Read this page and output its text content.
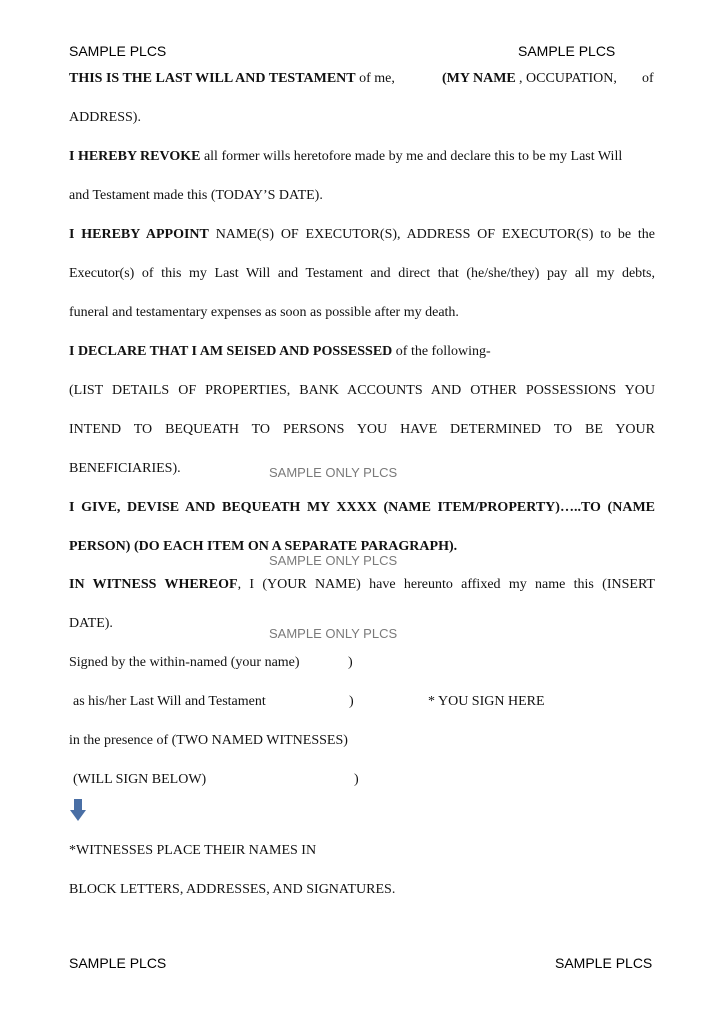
SAMPLE PLCS	SAMPLE PLCS
THIS IS THE LAST WILL AND TESTAMENT of me,	(MY NAME , OCCUPATION, of
ADDRESS).
I HEREBY REVOKE all former wills heretofore made by me and declare this to be my Last Will
and Testament made this (TODAY’S DATE).
I HEREBY APPOINT NAME(S) OF EXECUTOR(S), ADDRESS OF EXECUTOR(S) to be the
Executor(s) of this my Last Will and Testament and direct that (he/she/they) pay all my debts,
funeral and testamentary expenses as soon as possible after my death.
I DECLARE THAT I AM SEISED AND POSSESSED of the following-
(LIST DETAILS OF PROPERTIES, BANK ACCOUNTS AND OTHER POSSESSIONS YOU
INTEND TO BEQUEATH TO PERSONS YOU HAVE DETERMINED TO BE YOUR
BENEFICIARIES).	SAMPLE ONLY PLCS
I GIVE, DEVISE AND BEQUEATH MY XXXX (NAME ITEM/PROPERTY)…..TO (NAME
PERSON) (DO EACH ITEM ON A SEPARATE PARAGRAPH).
SAMPLE ONLY PLCS
IN WITNESS WHEREOF, I (YOUR NAME) have hereunto affixed my name this (INSERT
DATE).
SAMPLE ONLY PLCS
Signed by the within-named (your name)	)
as his/her Last Will and Testament	)	* YOU SIGN HERE
in the presence of (TWO NAMED WITNESSES)
(WILL SIGN BELOW)	)
*WITNESSES PLACE THEIR NAMES IN
BLOCK LETTERS, ADDRESSES, AND SIGNATURES.
SAMPLE PLCS	SAMPLE PLCS
